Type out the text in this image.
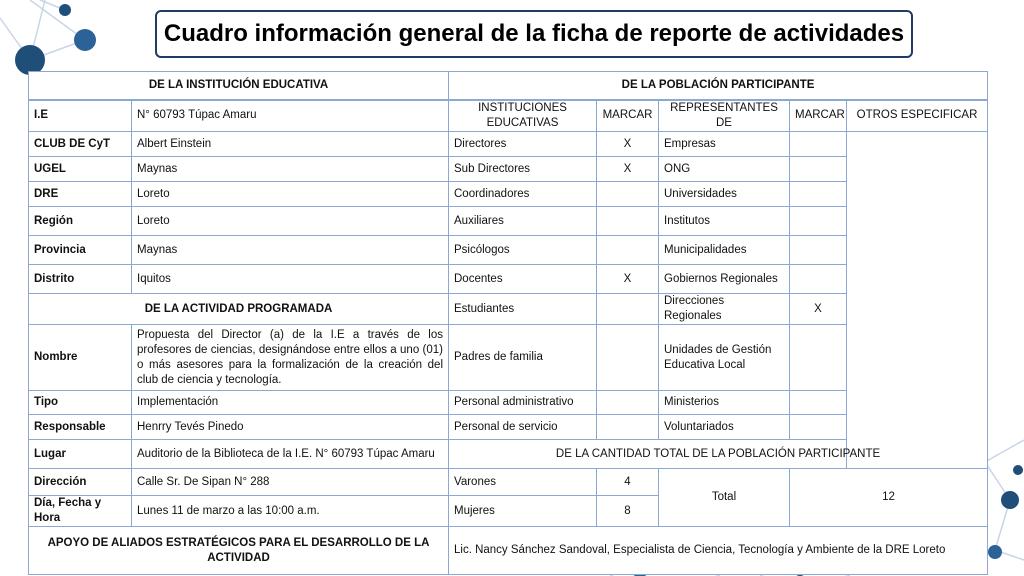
Cuadro información general de la ficha de reporte de actividades
DE LA INSTITUCIÓN EDUCATIVA		DE LA POBLACIÓN PARTICIPANTE				
I.E	N° 60793 Túpac Amaru	INSTITUCIONES EDUCATIVAS	MARCAR	REPRESENTANTES DE	MARCAR	OTROS ESPECIFICAR
CLUB DE CyT	Albert Einstein	Directores	X	Empresas		
UGEL	Maynas	Sub Directores	X	ONG		
DRE	Loreto	Coordinadores		Universidades		
Región	Loreto	Auxiliares		Institutos		
Provincia	Maynas	Psicólogos		Municipalidades		
Distrito	Iquitos	Docentes	X	Gobiernos Regionales		
DE LA ACTIVIDAD PROGRAMADA		Estudiantes		Direcciones Regionales	X	
Nombre	Propuesta del Director (a) de la I.E a través de los profesores de ciencias, designándose entre ellos a uno (01) o más asesores para la formalización de la creación del club de ciencia y tecnología.	Padres de familia		Unidades de Gestión Educativa Local		
Tipo	Implementación	Personal administrativo		Ministerios		
Responsable	Henrry Tevés Pinedo	Personal de servicio		Voluntariados		
Lugar	Auditorio de la Biblioteca de la I.E. N° 60793 Túpac Amaru	DE LA CANTIDAD TOTAL DE LA POBLACIÓN PARTICIPANTE				
Dirección	Calle Sr. De Sipan N° 288	Varones	4	Total	12	
Día, Fecha y Hora	Lunes 11 de marzo a las 10:00 a.m.	Mujeres	8			
APOYO DE ALIADOS ESTRATÉGICOS PARA EL DESARROLLO DE LA ACTIVIDAD		Lic. Nancy Sánchez Sandoval, Especialista de Ciencia, Tecnología y Ambiente de la DRE Loreto				
